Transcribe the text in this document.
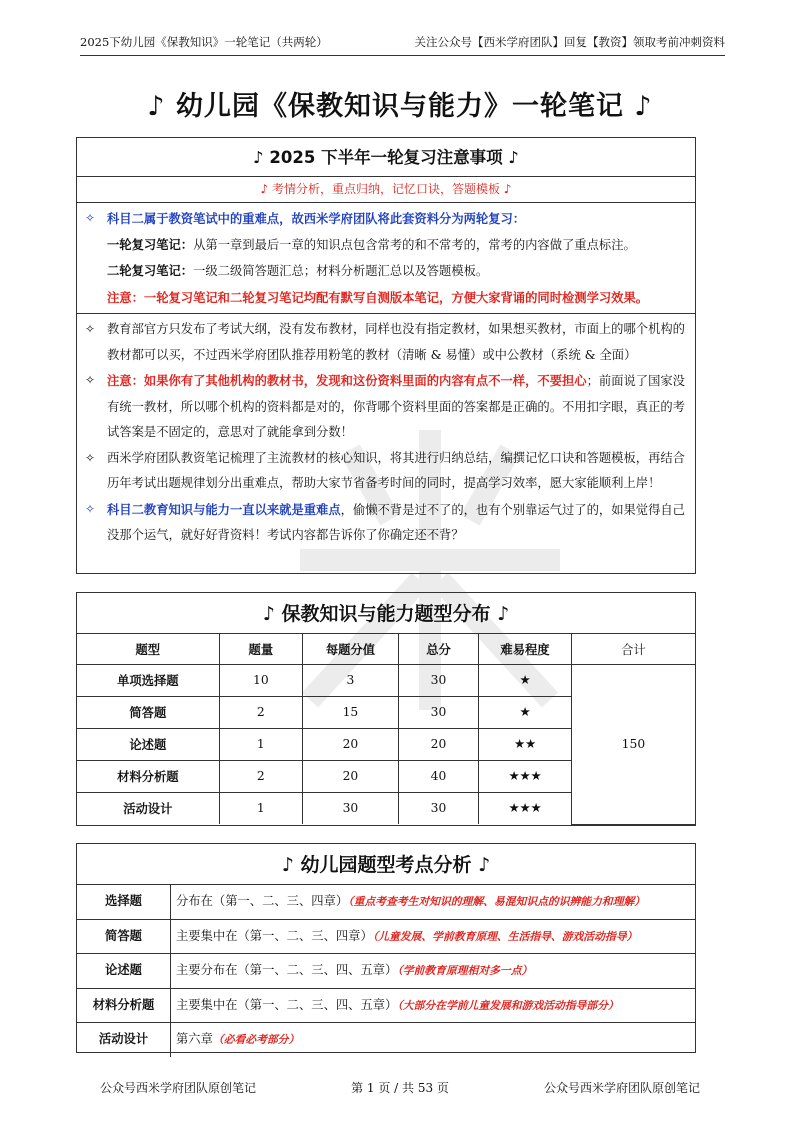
2025下幼儿园《保教知识》一轮笔记（共两轮）	关注公众号【西米学府团队】回复【教资】领取考前冲刺资料
♪ 幼儿园《保教知识与能力》一轮笔记 ♪
♪ 2025 下半年一轮复习注意事项 ♪
♪ 考情分析，重点归纳，记忆口诀，答题模板 ♪
✧ 科目二属于教资笔试中的重难点，故西米学府团队将此套资料分为两轮复习：
一轮复习笔记：从第一章到最后一章的知识点包含常考的和不常考的，常考的内容做了重点标注。
二轮复习笔记：一级二级简答题汇总；材料分析题汇总以及答题模板。
注意：一轮复习笔记和二轮复习笔记均配有默写自测版本笔记，方便大家背诵的同时检测学习效果。
✧ 教育部官方只发布了考试大纲，没有发布教材，同样也没有指定教材，如果想买教材，市面上的哪个机构的教材都可以买，不过西米学府团队推荐用粉笔的教材（清晰 & 易懂）或中公教材（系统 & 全面）
✧ 注意：如果你有了其他机构的教材书，发现和这份资料里面的内容有点不一样，不要担心；前面说了国家没有统一教材，所以哪个机构的资料都是对的，你背哪个资料里面的答案都是正确的。不用扣字眼，真正的考试答案是不固定的，意思对了就能拿到分数！
✧ 西米学府团队教资笔记梳理了主流教材的核心知识，将其进行归纳总结，编撰记忆口诀和答题模板，再结合历年考试出题规律划分出重难点，帮助大家节省备考时间的同时，提高学习效率，愿大家能顺利上岸！
✧ 科目二教育知识与能力一直以来就是重难点，偷懒不背是过不了的，也有个别靠运气过了的，如果觉得自己没那个运气，就好好背资料！考试内容都告诉你了你确定还不背？
♪ 保教知识与能力题型分布 ♪
题型	题量	每题分值	总分	难易程度	合计
单项选择题	10	3	30	★	150
简答题	2	15	30	★	
论述题	1	20	20	★★	
材料分析题	2	20	40	★★★	
活动设计	1	30	30	★★★	
♪ 幼儿园题型考点分析 ♪
选择题	分布在（第一、二、三、四章）（重点考查考生对知识的理解、易混知识点的识辨能力和理解）
简答题	主要集中在（第一、二、三、四章）（儿童发展、学前教育原理、生活指导、游戏活动指导）
论述题	主要分布在（第一、二、三、四、五章）（学前教育原理相对多一点）
材料分析题	主要集中在（第一、二、三、四、五章）（大部分在学前儿童发展和游戏活动指导部分）
活动设计	第六章（必看必考部分）
公众号西米学府团队原创笔记	第 1 页 / 共 53 页	公众号西米学府团队原创笔记
